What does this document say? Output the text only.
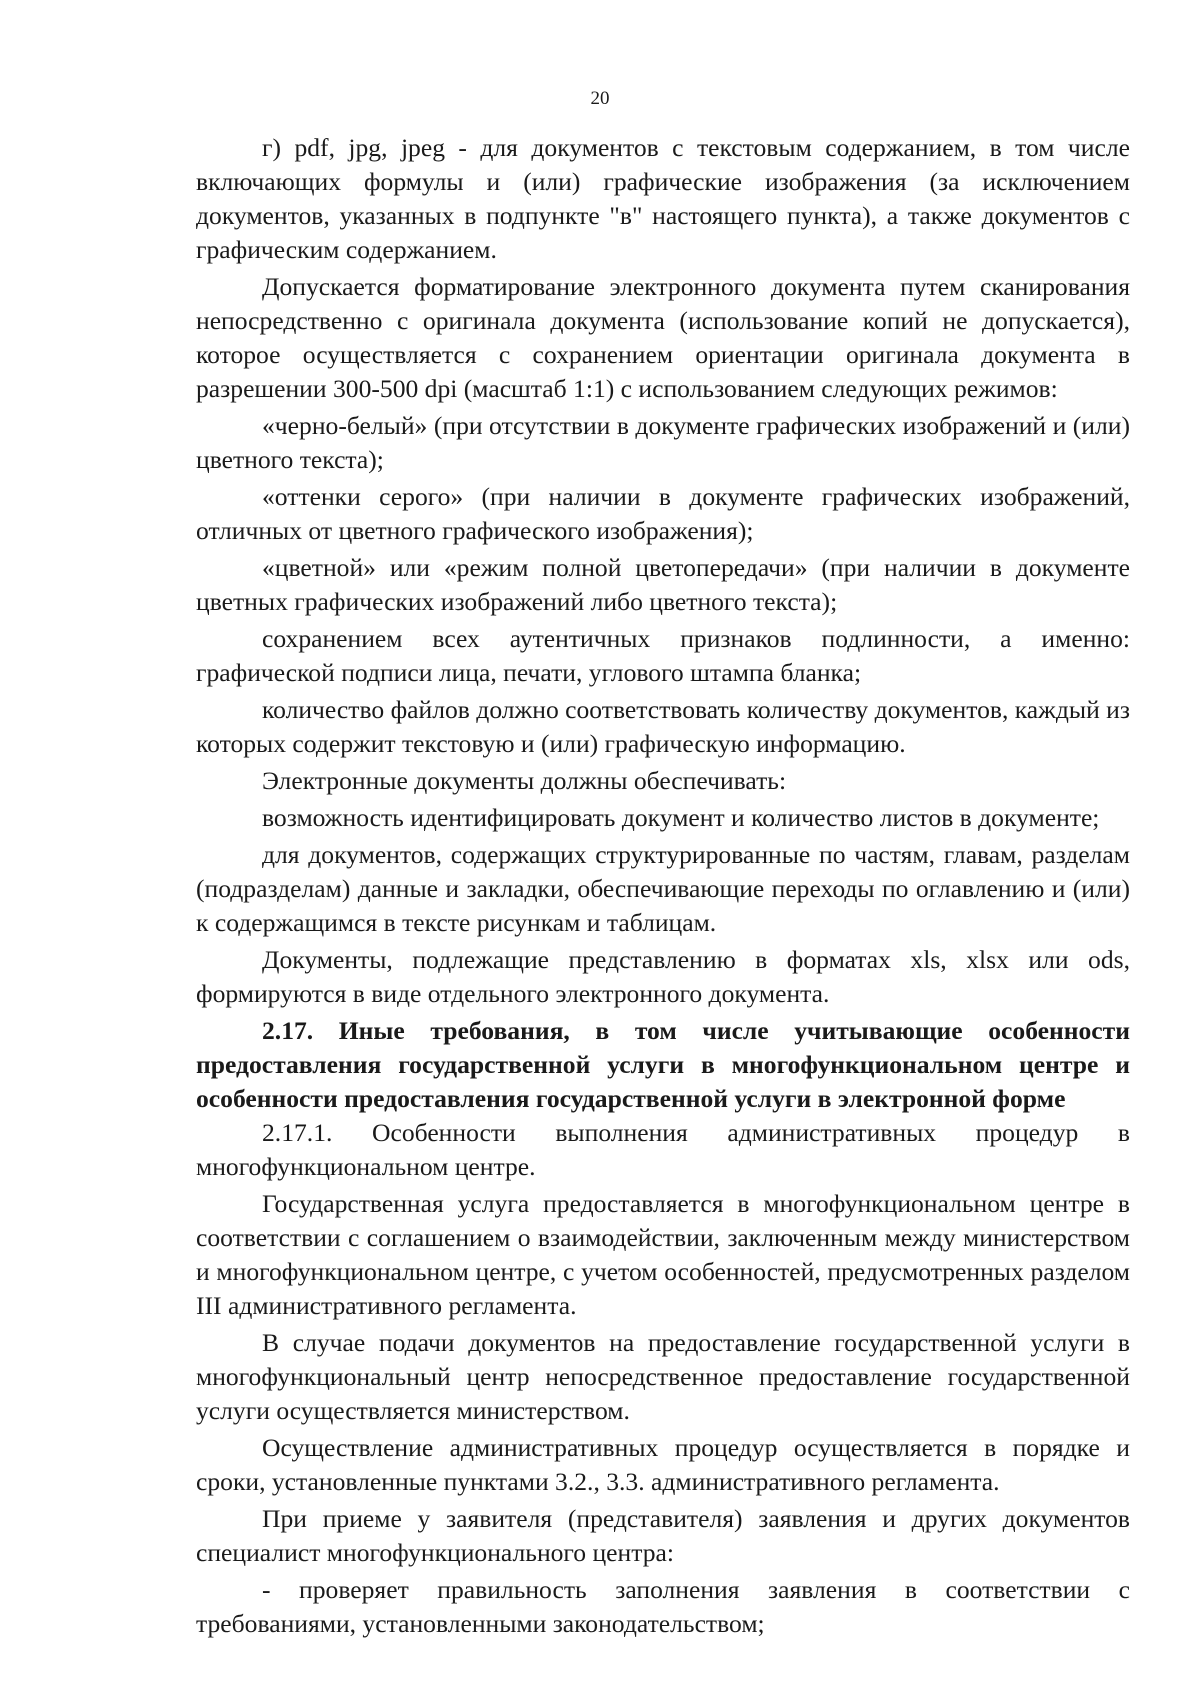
20

г) pdf, jpg, jpeg - для документов с текстовым содержанием, в том числе включающих формулы и (или) графические изображения (за исключением документов, указанных в подпункте "в" настоящего пункта), а также документов с графическим содержанием.

Допускается форматирование электронного документа путем сканирования непосредственно с оригинала документа (использование копий не допускается), которое осуществляется с сохранением ориентации оригинала документа в разрешении 300-500 dpi (масштаб 1:1) с использованием следующих режимов:

«черно-белый» (при отсутствии в документе графических изображений и (или) цветного текста);

«оттенки серого» (при наличии в документе графических изображений, отличных от цветного графического изображения);

«цветной» или «режим полной цветопередачи» (при наличии в документе цветных графических изображений либо цветного текста);

сохранением всех аутентичных признаков подлинности, а именно: графической подписи лица, печати, углового штампа бланка;

количество файлов должно соответствовать количеству документов, каждый из которых содержит текстовую и (или) графическую информацию.

Электронные документы должны обеспечивать:

возможность идентифицировать документ и количество листов в документе;

для документов, содержащих структурированные по частям, главам, разделам (подразделам) данные и закладки, обеспечивающие переходы по оглавлению и (или) к содержащимся в тексте рисункам и таблицам.

Документы, подлежащие представлению в форматах xls, xlsx или ods, формируются в виде отдельного электронного документа.

2.17. Иные требования, в том числе учитывающие особенности предоставления государственной услуги в многофункциональном центре и особенности предоставления государственной услуги в электронной форме

2.17.1. Особенности выполнения административных процедур в многофункциональном центре.

Государственная услуга предоставляется в многофункциональном центре в соответствии с соглашением о взаимодействии, заключенным между министерством и многофункциональном центре, с учетом особенностей, предусмотренных разделом III административного регламента.

В случае подачи документов на предоставление государственной услуги в многофункциональный центр непосредственное предоставление государственной услуги осуществляется министерством.

Осуществление административных процедур осуществляется в порядке и сроки, установленные пунктами 3.2., 3.3. административного регламента.

При приеме у заявителя (представителя) заявления и других документов специалист многофункционального центра:

- проверяет правильность заполнения заявления в соответствии с требованиями, установленными законодательством;
